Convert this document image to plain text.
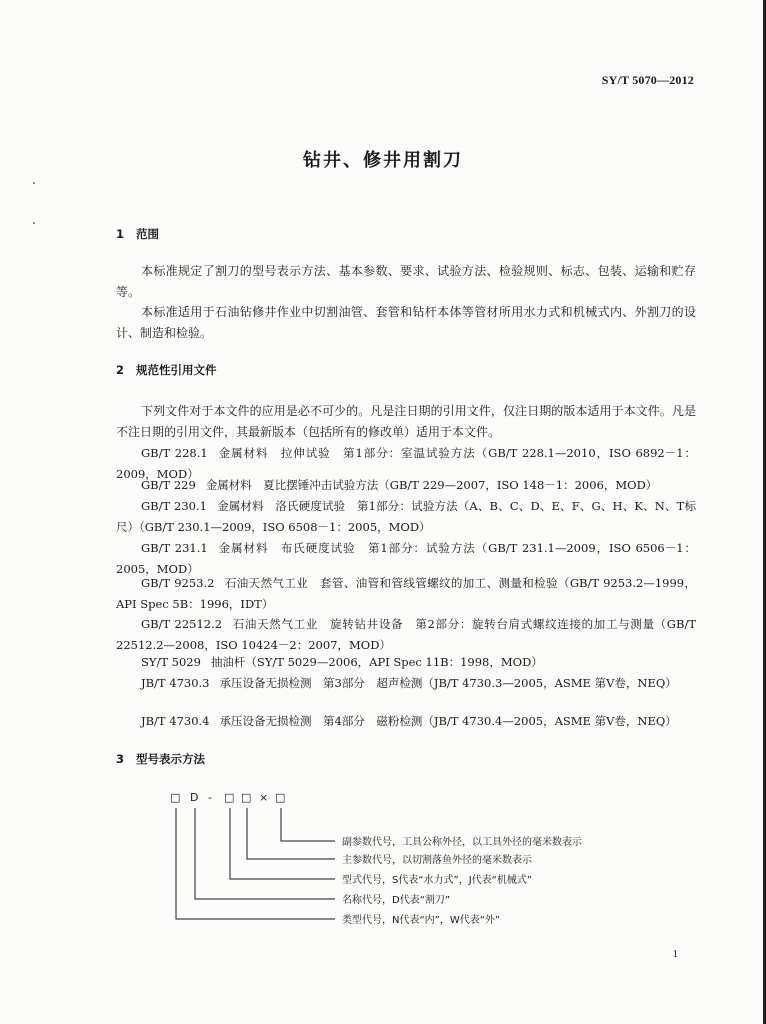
SY/T 5070—2012
钻井、修井用割刀
1 范围

本标准规定了割刀的型号表示方法、基本参数、要求、试验方法、检验规则、标志、包装、运输和贮存等。

本标准适用于石油钻修井作业中切割油管、套管和钻杆本体等管材所用水力式和机械式内、外割刀的设计、制造和检验。

2 规范性引用文件

下列文件对于本文件的应用是必不可少的。凡是注日期的引用文件，仅注日期的版本适用于本文件。凡是不注日期的引用文件，其最新版本（包括所有的修改单）适用于本文件。

GB/T 228.1 金属材料　拉伸试验　第1部分：室温试验方法（GB/T 228.1—2010，ISO 6892－1：2009，MOD）

GB/T 229 金属材料　夏比摆锤冲击试验方法（GB/T 229—2007，ISO 148－1：2006，MOD）

GB/T 230.1 金属材料　洛氏硬度试验　第1部分：试验方法（A、B、C、D、E、F、G、H、K、N、T标尺）（GB/T 230.1—2009，ISO 6508－1：2005，MOD）

GB/T 231.1 金属材料　布氏硬度试验　第1部分：试验方法（GB/T 231.1—2009，ISO 6506－1：2005，MOD）

GB/T 9253.2 石油天然气工业　套管、油管和管线管螺纹的加工、测量和检验（GB/T 9253.2—1999，API Spec 5B：1996，IDT）

GB/T 22512.2 石油天然气工业　旋转钻井设备　第2部分：旋转台肩式螺纹连接的加工与测量（GB/T 22512.2—2008，ISO 10424－2：2007，MOD）

SY/T 5029 抽油杆（SY/T 5029—2006，API Spec 11B：1998，MOD）

JB/T 4730.3 承压设备无损检测　第3部分　超声检测（JB/T 4730.3—2005，ASME 第Ⅴ卷，NEQ）

JB/T 4730.4 承压设备无损检测　第4部分　磁粉检测（JB/T 4730.4—2005，ASME 第Ⅴ卷，NEQ）

3 型号表示方法
□ D - □ □ × □
副参数代号，工具公称外径，以工具外径的毫米数表示
主参数代号，以切割落鱼外径的毫米数表示
型式代号，S代表“水力式”，J代表“机械式”
名称代号，D代表“割刀”
类型代号，N代表“内”，W代表“外”
1
